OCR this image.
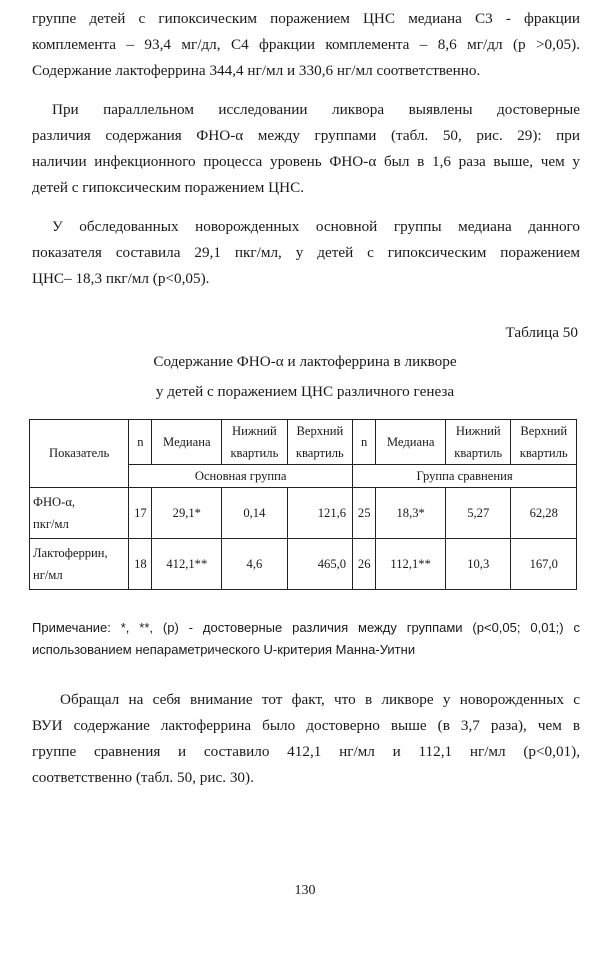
группе детей с гипоксическим поражением ЦНС медиана С3 - фракции
комплемента – 93,4 мг/дл, С4 фракции комплемента – 8,6 мг/дл (р >0,05).
Содержание лактоферрина 344,4 нг/мл и 330,6 нг/мл соответственно.

При параллельном исследовании ликвора выявлены достоверные
различия содержания ФНО-α между группами (табл. 50, рис. 29): при
наличии инфекционного процесса уровень ФНО-α был в 1,6 раза выше, чем у
детей с гипоксическим поражением ЦНС.

У обследованных новорожденных основной группы медиана данного
показателя составила 29,1 пкг/мл, у детей с гипоксическим поражением
ЦНС– 18,3 пкг/мл (р<0,05).

Таблица 50
Содержание ФНО-α и лактоферрина в ликворе
у детей с поражением ЦНС различного генеза
Показатель	n	Медиана	Нижний
квартиль	Верхний
квартиль	n	Медиана	Нижний
квартиль	Верхний
квартиль

	Основная группа				Группа сравнения			

ФНО-α,
пкг/мл	17	29,1*	0,14	121,6	25	18,3*	5,27	62,28

Лактоферрин,
нг/мл	18	412,1**	4,6	465,0	26	112,1**	10,3	167,0
Примечание: *, **, (р) - достоверные различия между группами (р<0,05; 0,01;) с
использованием непараметрического U-критерия Манна-Уитни

Обращал на себя внимание тот факт, что в ликворе у новорожденных с
ВУИ содержание лактоферрина было достоверно выше (в 3,7 раза), чем в
группе сравнения и составило 412,1 нг/мл и 112,1 нг/мл (р<0,01),
соответственно (табл. 50, рис. 30).

130
